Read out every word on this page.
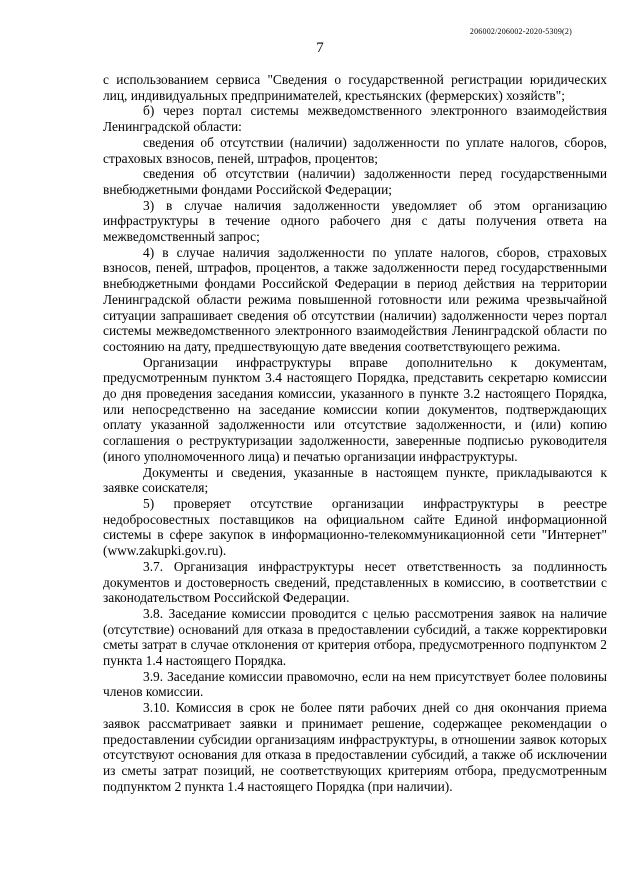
206002/206002-2020-5309(2)
7

с использованием сервиса "Сведения о государственной регистрации юридических лиц, индивидуальных предпринимателей, крестьянских (фермерских) хозяйств";

б) через портал системы межведомственного электронного взаимодействия Ленинградской области:

сведения об отсутствии (наличии) задолженности по уплате налогов, сборов, страховых взносов, пеней, штрафов, процентов;

сведения об отсутствии (наличии) задолженности перед государственными внебюджетными фондами Российской Федерации;

3) в случае наличия задолженности уведомляет об этом организацию инфраструктуры в течение одного рабочего дня с даты получения ответа на межведомственный запрос;

4) в случае наличия задолженности по уплате налогов, сборов, страховых взносов, пеней, штрафов, процентов, а также задолженности перед государственными внебюджетными фондами Российской Федерации в период действия на территории Ленинградской области режима повышенной готовности или режима чрезвычайной ситуации запрашивает сведения об отсутствии (наличии) задолженности через портал системы межведомственного электронного взаимодействия Ленинградской области по состоянию на дату, предшествующую дате введения соответствующего режима.

Организации инфраструктуры вправе дополнительно к документам, предусмотренным пунктом 3.4 настоящего Порядка, представить секретарю комиссии до дня проведения заседания комиссии, указанного в пункте 3.2 настоящего Порядка, или непосредственно на заседание комиссии копии документов, подтверждающих оплату указанной задолженности или отсутствие задолженности, и (или) копию соглашения о реструктуризации задолженности, заверенные подписью руководителя (иного уполномоченного лица) и печатью организации инфраструктуры.

Документы и сведения, указанные в настоящем пункте, прикладываются к заявке соискателя;

5) проверяет отсутствие организации инфраструктуры в реестре недобросовестных поставщиков на официальном сайте Единой информационной системы в сфере закупок в информационно-телекоммуникационной сети "Интернет" (www.zakupki.gov.ru).

3.7. Организация инфраструктуры несет ответственность за подлинность документов и достоверность сведений, представленных в комиссию, в соответствии с законодательством Российской Федерации.

3.8. Заседание комиссии проводится с целью рассмотрения заявок на наличие (отсутствие) оснований для отказа в предоставлении субсидий, а также корректировки сметы затрат в случае отклонения от критерия отбора, предусмотренного подпунктом 2 пункта 1.4 настоящего Порядка.

3.9. Заседание комиссии правомочно, если на нем присутствует более половины членов комиссии.

3.10. Комиссия в срок не более пяти рабочих дней со дня окончания приема заявок рассматривает заявки и принимает решение, содержащее рекомендации о предоставлении субсидии организациям инфраструктуры, в отношении заявок которых отсутствуют основания для отказа в предоставлении субсидий, а также об исключении из сметы затрат позиций, не соответствующих критериям отбора, предусмотренным подпунктом 2 пункта 1.4 настоящего Порядка (при наличии).
